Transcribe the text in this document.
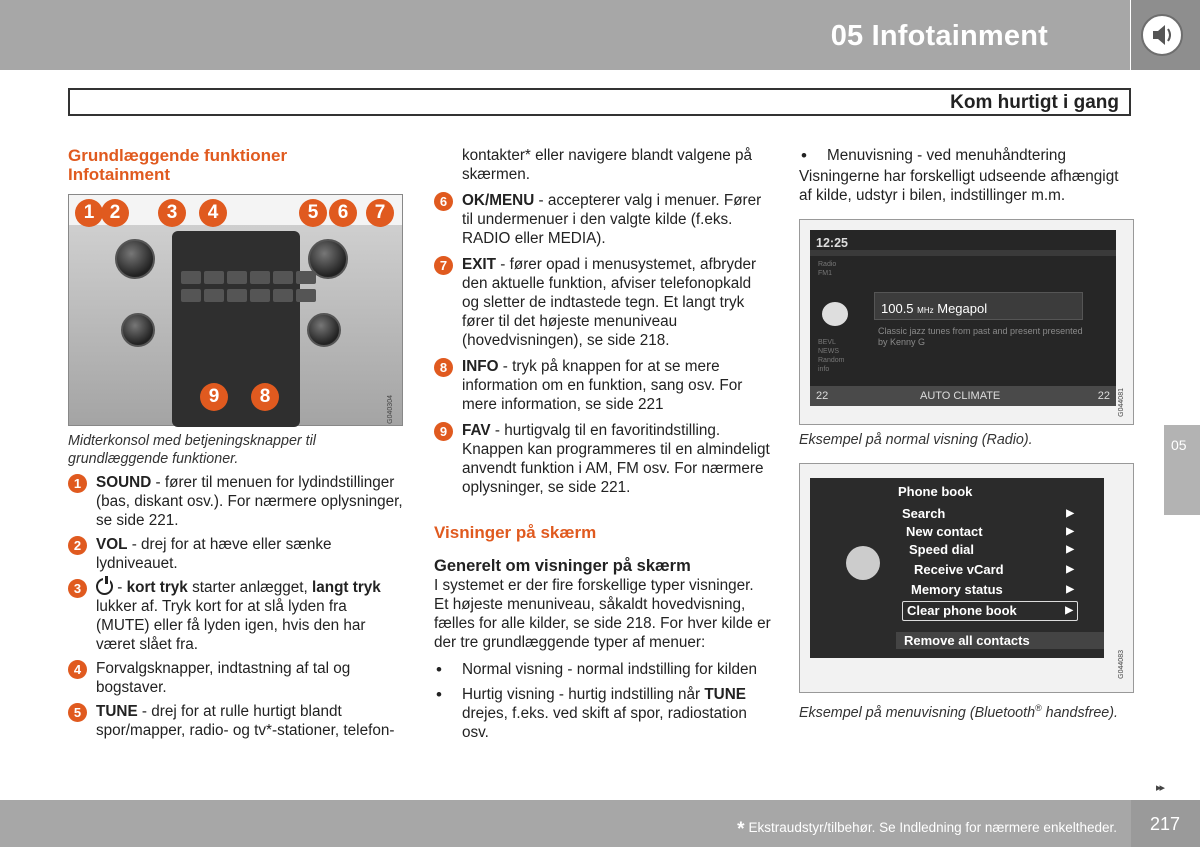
05 Infotainment
Kom hurtigt i gang
05
Grundlæggende funktioner
Infotainment
1 2	3	4	5	6	7
9	8	G040304
Midterkonsol med betjeningsknapper til grundlæggende funktioner.
1 SOUND - fører til menuen for lydindstillinger (bas, diskant osv.). For nærmere oplysninger, se side 221.
2 VOL - drej for at hæve eller sænke lydniveauet.
3	- kort tryk starter anlægget, langt tryk lukker af. Tryk kort for at slå lyden fra (MUTE) eller få lyden igen, hvis den har været slået fra.
4 Forvalgsknapper, indtastning af tal og bogstaver.
5 TUNE - drej for at rulle hurtigt blandt spor/mapper, radio- og tv*-stationer, telefon-
kontakter* eller navigere blandt valgene på skærmen.
6 OK/MENU - accepterer valg i menuer. Fører til undermenuer i den valgte kilde (f.eks. RADIO eller MEDIA).
7 EXIT - fører opad i menusystemet, afbryder den aktuelle funktion, afviser telefonopkald og sletter de indtastede tegn. Et langt tryk fører til det højeste menuniveau (hovedvisningen), se side 218.
8 INFO - tryk på knappen for at se mere information om en funktion, sang osv. For mere information, se side 221
9 FAV - hurtigvalg til en favoritindstilling. Knappen kan programmeres til en almindeligt anvendt funktion i AM, FM osv. For nærmere oplysninger, se side 221.
Visninger på skærm
Generelt om visninger på skærm
I systemet er der fire forskellige typer visninger. Et højeste menuniveau, såkaldt hovedvisning, fælles for alle kilder, se side 218. For hver kilde er der tre grundlæggende typer af menuer:
• Normal visning - normal indstilling for kilden
• Hurtig visning - hurtig indstilling når TUNE drejes, f.eks. ved skift af spor, radiostation osv.
• Menuvisning - ved menuhåndtering
Visningerne har forskelligt udseende afhængigt af kilde, udstyr i bilen, indstillinger m.m.
12:25
Radio
FM1
BEVL
NEWS
Random
info
100.5 MHz Megapol
Classic jazz tunes from past and present presented by Kenny G
22	AUTO CLIMATE	22	G044081
Eksempel på normal visning (Radio).
Phone book
Search	▶
New contact	▶
Speed dial	▶
Receive vCard	▶
Memory status	▶
Clear phone book	▶
Remove all contacts
G044083
Eksempel på menuvisning (Bluetooth® handsfree).
▸▸
* Ekstraudstyr/tilbehør. Se Indledning for nærmere enkeltheder. 217
